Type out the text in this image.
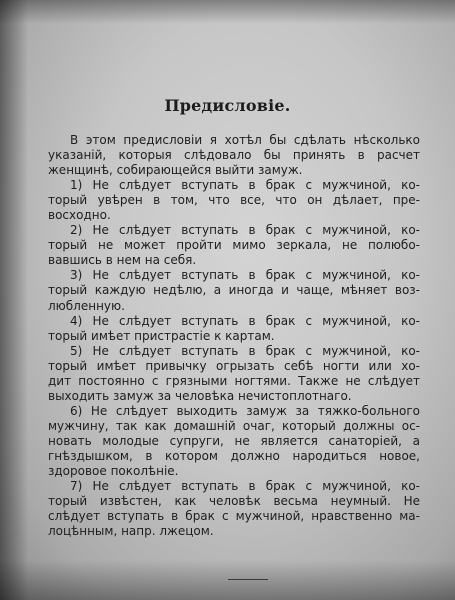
Предисловіе.
В этом предисловіи я хотѣл бы сдѣлать нѣсколько
указаній, которыя слѣдовало бы принять в расчет
женщинѣ, собирающейся выйти замуж.
1) Не слѣдует вступать в брак с мужчиной, ко-
торый увѣрен в том, что все, что он дѣлает, пре-
восходно.
2) Не слѣдует вступать в брак с мужчиной, ко-
торый не может пройти мимо зеркала, не полюбо-
вавшись в нем на себя.
3) Не слѣдует вступать в брак с мужчиной, ко-
торый каждую недѣлю, а иногда и чаще, мѣняет воз-
любленную.
4) Не слѣдует вступать в брак с мужчиной, ко-
торый имѣет пристрастіе к картам.
5) Не слѣдует вступать в брак с мужчиной, ко-
торый имѣет привычку огрызать себѣ ногти или хо-
дит постоянно с грязными ногтями. Также не слѣдует
выходить замуж за человѣка нечистоплотнаго.
6) Не слѣдует выходить замуж за тяжко-больного
мужчину, так как домашній очаг, который должны ос-
новать молодые супруги, не является санаторіей, а
гнѣздышком, в котором должно народиться новое,
здоровое поколѣніе.
7) Не слѣдует вступать в брак с мужчиной, ко-
торый извѣстен, как человѣк весьма неумный. Не
слѣдует вступать в брак с мужчиной, нравственно ма-
лоцѣнным, напр. лжецом.
